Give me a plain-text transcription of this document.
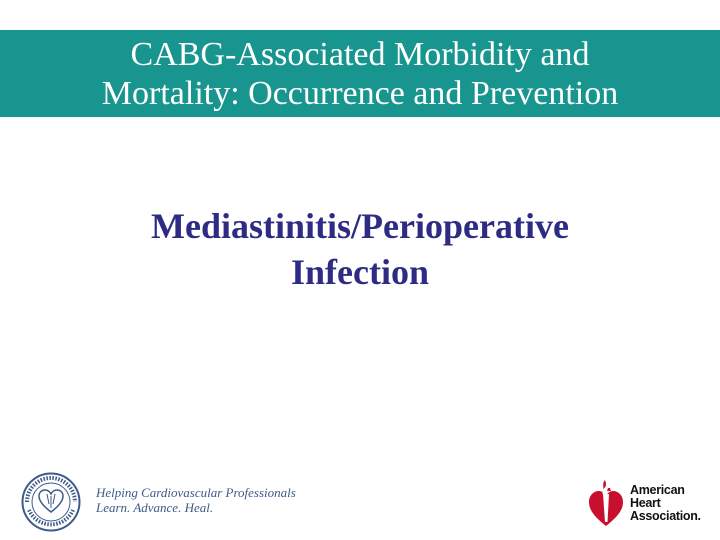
CABG-Associated Morbidity and
Mortality: Occurrence and Prevention
Mediastinitis/Perioperative
Infection
Helping Cardiovascular Professionals
Learn. Advance. Heal.
American
Heart
Association.
